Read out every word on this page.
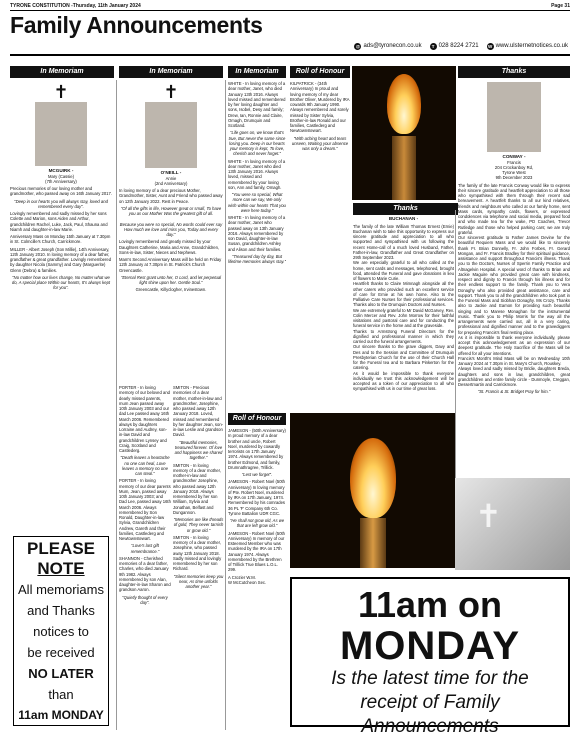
TYRONE CONSTITUTION -Thursday, 11th January 2024	Page 31
Family Announcements
@ ads@tyronecon.co.uk	T 028 8224 2721	W www.ulsternetnotices.co.uk
In Memoriam	In Memoriam	In Memoriam	Roll of Honour	Thanks
Roll of Honour
Thanks
✝
MCGUIRK -
Mary (Cassie)
(7th Anniversary)
Precious memories of our loving mother and grandmother, who passed away on 16th January 2017.
"Deep in our hearts you will always stay, loved and remembered every day".
Lovingly remembered and sadly missed by her sons Colette and Marion, sons Aiden and Arthur, grandchildren Rachel, Luke, Jack, Paul, Shauna and Niamh and daughter-in-law Marie.
Anniversary Mass on Monday 15th January at 7.30pm in St. Colmcille's Church, Carrickmore.
MILLER - Albert Joseph (Son Millie), 14th Annivesary, 12th January 2010. In loving memory of a dear father, grandfather & great grandfather. Lovingly remembered by daughter Nicola (Sammy) and Gary (Marguerite) Glenn (Debra) & families.
"No matter how our lives change, No matter what we do, A special place Within our hearts, It's always kept for you".
PLEASE
NOTE
All memoriams
and Thanks
notices to
be received
NO LATER
than
11am MONDAY
✝
O'NEILL -
Annie
(2nd Anniversary)
In loving memory of a dear precious Mother, Grandmother, Sister, Aunt and Friend who passed away on 12th January 2022. Rest in Peace.
"Of all the gifts in life, However great or small, To have you as our Mother Was the greatest gift of all.

Because you were so special, No words could ever say How much we love and miss you, Today and every day."
Lovingly remembered and greatly missed by your Daughters Catherine, Maria and Anne, Grandchildren, Sons-in-law, Sister, Nieces and Nephews.
Mam's Second Anniversary Mass will be held on Friday 12th January at 7.30pm in St. Patrick's Church Greencastle.
"Eternal Rest grant unto her, O Lord, and let perpetual light shine upon her. Gentle Soul."
Greencastle, Killyclogher, Irvinestown.
PORTER - In loving memory of our beloved and dearly missed parents, mum Jean passed away 10th January 2003 and our dad Lee passed away 16th March 2006. Remembered always by daughters Lorraine and Audrey, son-in-law David and grandchildren Lynsey and Craig, Scotland and Castlederg.
"Death leaves a heartache no one can heal, Love leaves a memory no one can steal."
PORTER - In loving memory of our dear parents Mum, Jean, passed away 10th January 2003; and Dad Lee, passed away 16th March 2006. Always remembered by Son Ronald, Daughter-in-law Sylvia, Grandchildren Andrew, Gareth and their families, Castlederg and Newtownstewart.
"Love's last gift remembrance."
SHANNON - Cherished memories of a dear father, Charles, who died January 9th 1982. Always remembered by son Alan, daughter-in-law Sharon and grandson Aaron.
"Quietly thought of every day".
SMITON - Precious memories of a dear mother, mother-in-law and grandmother, Josephine, who passed away 12th January 2018. Loved, missed and remembered by her daughter Jean, son-in-law Leslie and grandson David.
"Beautiful memories, treasured forever. Of love and happiness we shared together."
SMITON - In loving memory of a dear mother, mother-in-law and grandmother Josephine, who passed away 12th January 2018. Always remembered by her son William, Sylvia and Jonathan, Belfast and Dungannon.
"Memories are like threads of gold, They never tarnish or grow old."
SMITON - In loving memory of a dear mother, Josephine, who passed away 12th January 2018. Sadly missed and lovingly remembered by her son Richard.
"Silent memories keep you near, As time unfolds another year."
WHITE - In loving memory of a dear mother, Janet, who died January 13th 2016. Always loved missed and remembered by her loving daughter and sons, Isobel, Desy and family; Drew, Ian, Ronnie and Claire, Omagh, Drumquin and Scotland.
"Life goes on, we know that's true, But never the same since losing you. Deep in our hearts your memory is kept, To love, cherish and never forget."
WHITE - In loving memory of a dear mother, Janet who died 13th January 2016. Always loved, missed and remembered by your loving son, Ann and family, Omagh.
"You were so special, What more can we say, We only wish within our hearts That you were here today."
WHITE - In loving memory of a dear mother, Janet who passed away on 13th January 2016. Always remembered by son David, daughter-in-law Susan, grandchildren Ashley and Alison and their families.
"Treasured day by day, But lifetime memories always stay."
JAMESON - (50th Anniversary) In proud memory of a dear brother and uncle, Robert Noel, murdered by cowardly terrorists on 17th January 1974. Always remembered by brother Edmond, and family, Drumnathragree, Trillick.
"Lest we forget".
JAMESON - Robert Noel (50th Anniversary) In loving memory of Pte. Robert Noel, murdered by IRA on 17th January, 1974. Remembered by his comrades 36 PL 'F' Company 6th Co. Tyrone Battalion UDR CGC.
"He shall not grow old, As we that are left grow old."
JAMESON - Robert Noel (50th Anniversary) In memory of our Esteemed Member who was murdered by the IRA on 17th January 1974. Always remembered by the Brethren of Trillick True Blues L.O.L. 299.
A Crozier W.M.
W McCutcheon Sec.
KILPATRICK - (34th Anniversary) In proud and loving memory of my dear Brother Oliver, Murdered by IRA cowards 9th January 1990. Always remembered and sorely missed by Sister Sylvia, Brother-in-law Ronald and our families, Castlederg and Newtownstewart.
"With aching heart and tears unseen, Waiting your absence was only a dream."
BUCHANAN -
The family of the late William Thomas Ernest (Ernie) Buchanan wish to take this opportunity to express our sincere gratitude and appreciation to all who supported and sympathised with us following the recent Home-call of a much loved Husband, Father, Father-in-law, Grandfather and Great Grandfather on 29th September 2023.
We are especially grateful to all who called at the home, sent cards and messages, telephoned, brought food, attended the Funeral and gave donations in lieu of flowers to Marie Curie.
Heartfelt thanks to Claire Mimnagh alongside all the other carers who provided such an excellent service of care for Ernie at his own home. Also to the Palliative Care Nurses for their professional services. Thanks also to the Drumquin Doctors and Nurses.
We are extremely grateful to Mr David McGarvey, Rev. Colin Mercer and Rev. John Morrow for their faithful visitations and pastoral care and for conducting the funeral service in the home and at the graveside.
Thanks to Armstrong Funeral Directors for the dignified and professional manner in which they carried out the funeral arrangements.
Our sincere thanks to the grave diggers, Davy and Des and to the Session and Committee of Drumquin Presbyterian Church for the use of their Church Hall for the Funeral tea and to Barbara Pinkerton for the catering.
As it would be impossible to thank everyone individually we trust this acknowledgement will be accepted as a token of our appreciation to all who sympathised with us in our time of great loss.
CONWAY -
Francis
204 Crockanboy Rd,
Tyrone West
9th December 2023
The family of the late Francis Conway would like to express their sincere gratitude and heartfelt appreciation to all those who sympathised with them through their recent sad bereavement. A heartfelt thanks to all our kind relatives, friends and neighbours who called at our family home, sent Mass cards, sympathy cards, flowers, or expressed condolences via telephone and social media, prepared food and who made tea for the wake, PD Coaches, Trevor Rutledge and those who helped parking cars; we are truly grateful.
Our sincerest gratitude to Father James Devine for the beautiful Requiem Mass and we would like to sincerely thank Fr. Brian Donnelly, Fr. John Forbes, Fr. Gerard Mongan, and Fr. Francis Bradley for their spiritual guidance, assistance and support throughout Francis's illness. Thank you to the Doctors, Nurses of Sperrin Family Practice and Altnagelvin Hospital. A special word of thanks to Brian and Jackie Maguire who provided great care with kindness, respect and dignity to Francis through his illness and for their endless support to the family. Thank you to Vera Donaghy who also provided great assistance, care and support. Thank you to all the grandchildren who took part in the Funeral Mass and Siobhan Donaghy. Ms Crozy. Thanks also to Jackie and Eamon for providing such beautiful singing and to Marese Monaghan for the instrumental music. Thank you to Philip Morris for the way all the arrangements were carried out, all in a very caring, professional and dignified manner and to the gravediggers for preparing Francis's final resting place.
As it is impossible to thank everyone individually, please accept this acknowledgement as an expression of our deepest gratitude. The Holy Sacrifice of the Mass will be offered for all your intentions.
Francis's Month's Mind Mass will be on Wednesday 10th January 2024 at 7.30pm in St. Mary's Church, Rouskey.
Always loved and sadly missed by Bridie, daughters Breda, daughters and sons in law, grandchildren, great grandchildren and entire family circle - Dunmoyle, Creggan, Dessertmartin and Carrickmore.
"St. Francis & St. Bridget Pray for him."
✝
11am on
MONDAY
Is the latest time for the
receipt of Family Announcements
